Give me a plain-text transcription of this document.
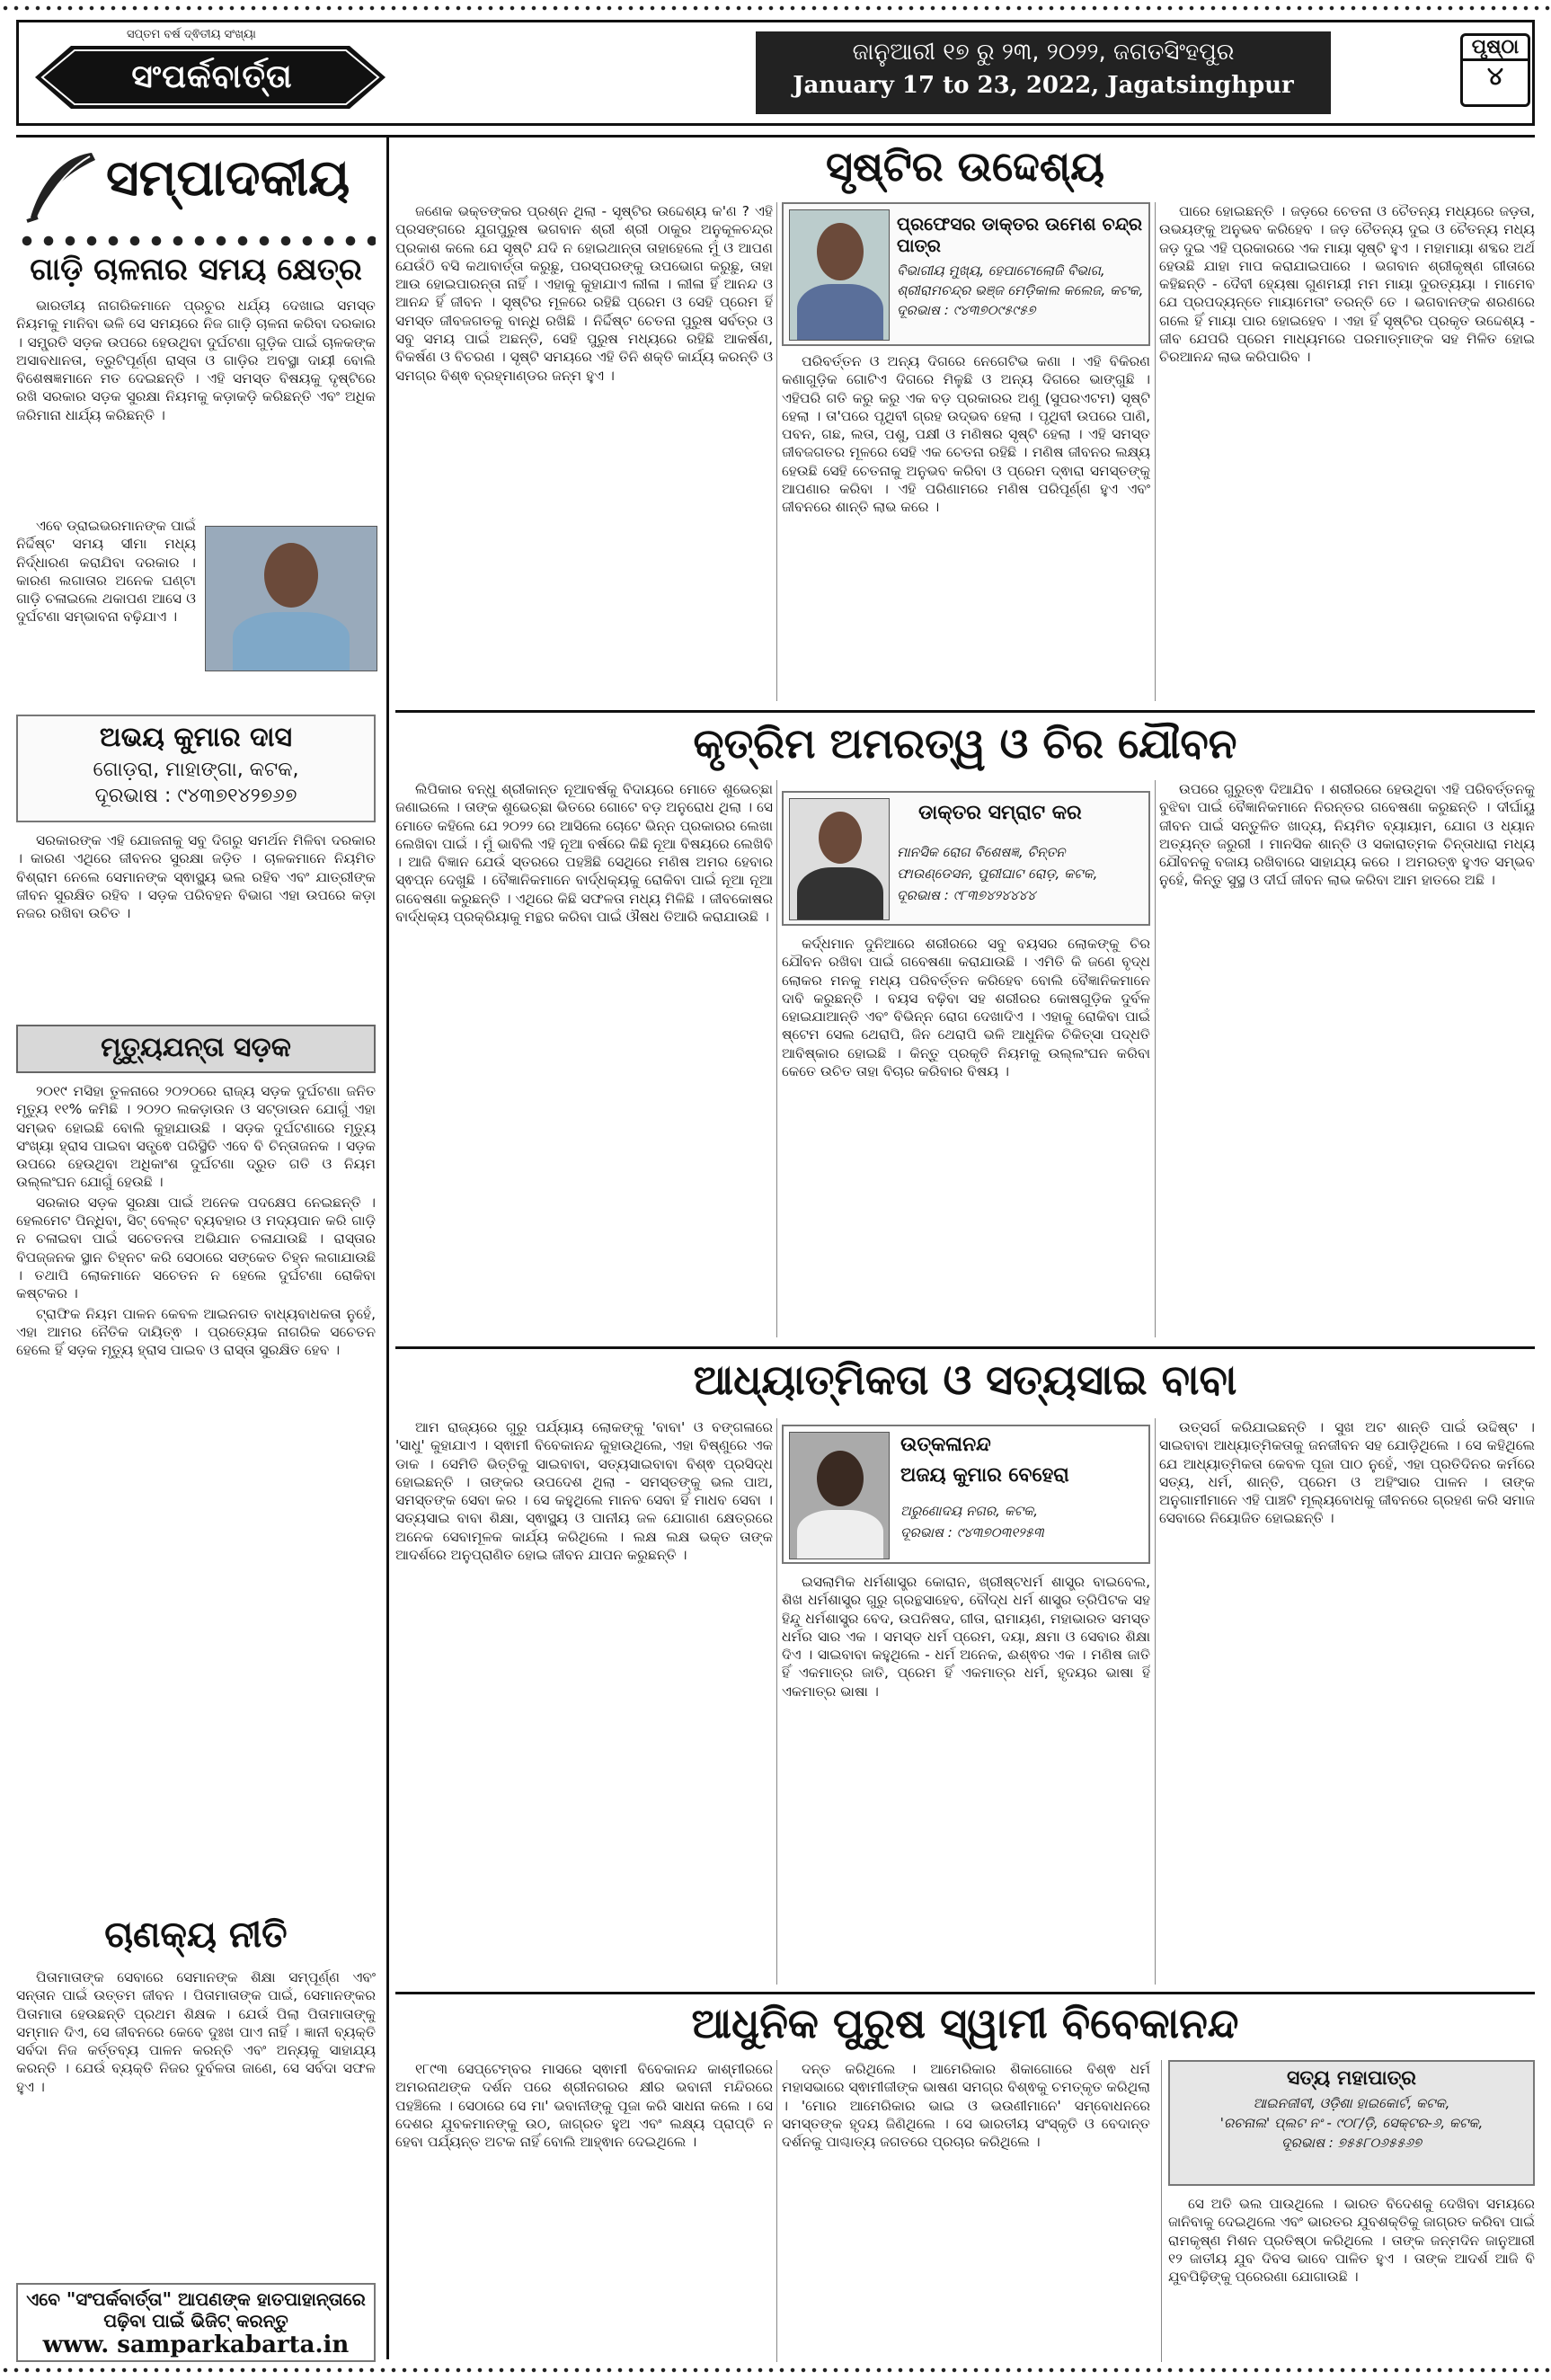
ସପ୍ତମ ବର୍ଷ ଦ୍ଵିତୀୟ ସଂଖ୍ୟା
ସଂପର୍କବାର୍ତ୍ତା
ଜାନୁଆରୀ ୧୭ ରୁ ୨୩, ୨୦୨୨, ଜଗତସିଂହପୁର
January 17 to 23, 2022, Jagatsinghpur
ପୃଷ୍ଠା
୪
ସମ୍ପାଦକୀୟ
ଗାଡ଼ି ଚାଳନାର ସମୟ କ୍ଷେତ୍ର

ଭାରତୀୟ ନାଗରିକମାନେ ପ୍ରଚୁର ଧର୍ଯ୍ୟ ଦେଖାଇ ସମସ୍ତ ନିୟମକୁ ମାନିବା ଭଳି ସେ ସମୟରେ ନିଜ ଗାଡ଼ି ଚାଳନା କରିବା ଦରକାର । ସମ୍ପ୍ରତି ସଡ଼କ ଉପରେ ହେଉଥିବା ଦୁର୍ଘଟଣା ଗୁଡ଼ିକ ପାଇଁ ଚାଳକଙ୍କ ଅସାବଧାନତା, ତ୍ରୁଟିପୂର୍ଣ୍ଣ ରାସ୍ତା ଓ ଗାଡ଼ିର ଅବସ୍ଥା ଦାୟୀ ବୋଲି ବିଶେଷଜ୍ଞମାନେ ମତ ଦେଇଛନ୍ତି । ଏହି ସମସ୍ତ ବିଷୟକୁ ଦୃଷ୍ଟିରେ ରଖି ସରକାର ସଡ଼କ ସୁରକ୍ଷା ନିୟମକୁ କଡ଼ାକଡ଼ି କରିଛନ୍ତି ଏବଂ ଅଧିକ ଜରିମାନା ଧାର୍ଯ୍ୟ କରିଛନ୍ତି ।

ଏବେ ଡ୍ରାଇଭରମାନଙ୍କ ପାଇଁ ନିର୍ଦ୍ଦିଷ୍ଟ ସମୟ ସୀମା ମଧ୍ୟ ନିର୍ଦ୍ଧାରଣ କରାଯିବା ଦରକାର । କାରଣ ଲଗାତାର ଅନେକ ଘଣ୍ଟା ଗାଡ଼ି ଚଳାଇଲେ ଥକାପଣ ଆସେ ଓ ଦୁର୍ଘଟଣା ସମ୍ଭାବନା ବଢ଼ିଯାଏ ।

ଅଭୟ କୁମାର ଦାସ
ଗୋଡ଼ରା, ମାହାଙ୍ଗା, କଟକ,
ଦୂରଭାଷ : ୯୪୩୭୧୪୨୭୬୭

ସରକାରଙ୍କ ଏହି ଯୋଜନାକୁ ସବୁ ଦିଗରୁ ସମର୍ଥନ ମିଳିବା ଦରକାର । କାରଣ ଏଥିରେ ଜୀବନର ସୁରକ୍ଷା ଜଡ଼ିତ । ଚାଳକମାନେ ନିୟମିତ ବିଶ୍ରାମ ନେଲେ ସେମାନଙ୍କ ସ୍ଵାସ୍ଥ୍ୟ ଭଲ ରହିବ ଏବଂ ଯାତ୍ରୀଙ୍କ ଜୀବନ ସୁରକ୍ଷିତ ରହିବ । ସଡ଼କ ପରିବହନ ବିଭାଗ ଏହା ଉପରେ କଡ଼ା ନଜର ରଖିବା ଉଚିତ ।

ମୃତ୍ୟୁଯନ୍ତା ସଡ଼କ

୨୦୧୯ ମସିହା ତୁଳନାରେ ୨୦୨୦ରେ ରାଜ୍ୟ ସଡ଼କ ଦୁର୍ଘଟଣା ଜନିତ ମୃତ୍ୟୁ ୧୧% କମିଛି । ୨୦୨୦ ଲକଡ଼ାଉନ ଓ ସଟ୍‌ଡାଉନ ଯୋଗୁଁ ଏହା ସମ୍ଭବ ହୋଇଛି ବୋଲି କୁହାଯାଉଛି । ସଡ଼କ ଦୁର୍ଘଟଣାରେ ମୃତ୍ୟୁ ସଂଖ୍ୟା ହ୍ରାସ ପାଇବା ସତ୍ତ୍ଵେ ପରିସ୍ଥିତି ଏବେ ବି ଚିନ୍ତାଜନକ । ସଡ଼କ ଉପରେ ହେଉଥିବା ଅଧିକାଂଶ ଦୁର୍ଘଟଣା ଦ୍ରୁତ ଗତି ଓ ନିୟମ ଉଲ୍ଲଂଘନ ଯୋଗୁଁ ହେଉଛି ।

ସରକାର ସଡ଼କ ସୁରକ୍ଷା ପାଇଁ ଅନେକ ପଦକ୍ଷେପ ନେଇଛନ୍ତି । ହେଲମେଟ ପିନ୍ଧିବା, ସିଟ୍ ବେଲ୍ଟ ବ୍ୟବହାର ଓ ମଦ୍ୟପାନ କରି ଗାଡ଼ି ନ ଚଳାଇବା ପାଇଁ ସଚେତନତା ଅଭିଯାନ ଚଳାଯାଉଛି । ରାସ୍ତାର ବିପଜ୍ଜନକ ସ୍ଥାନ ଚିହ୍ନଟ କରି ସେଠାରେ ସଙ୍କେତ ଚିହ୍ନ ଲଗାଯାଉଛି । ତଥାପି ଲୋକମାନେ ସଚେତନ ନ ହେଲେ ଦୁର୍ଘଟଣା ରୋକିବା କଷ୍ଟକର ।

ଟ୍ରାଫିକ ନିୟମ ପାଳନ କେବଳ ଆଇନଗତ ବାଧ୍ୟବାଧକତା ନୁହେଁ, ଏହା ଆମର ନୈତିକ ଦାୟିତ୍ଵ । ପ୍ରତ୍ୟେକ ନାଗରିକ ସଚେତନ ହେଲେ ହିଁ ସଡ଼କ ମୃତ୍ୟୁ ହ୍ରାସ ପାଇବ ଓ ରାସ୍ତା ସୁରକ୍ଷିତ ହେବ ।

ଚାଣକ୍ୟ ନୀତି

ପିତାମାତାଙ୍କ ସେବାରେ ସେମାନଙ୍କ ଶିକ୍ଷା ସମ୍ପୂର୍ଣ୍ଣ ଏବଂ ସନ୍ତାନ ପାଇଁ ଉତ୍ତମ ଜୀବନ । ପିତାମାତାଙ୍କ ପାଇଁ, ସେମାନଙ୍କର ପିତାମାତା ହେଉଛନ୍ତି ପ୍ରଥମ ଶିକ୍ଷକ । ଯେଉଁ ପିଲା ପିତାମାତାଙ୍କୁ ସମ୍ମାନ ଦିଏ, ସେ ଜୀବନରେ କେବେ ଦୁଃଖ ପାଏ ନାହିଁ । ଜ୍ଞାନୀ ବ୍ୟକ୍ତି ସର୍ବଦା ନିଜ କର୍ତ୍ତବ୍ୟ ପାଳନ କରନ୍ତି ଏବଂ ଅନ୍ୟକୁ ସାହାଯ୍ୟ କରନ୍ତି । ଯେଉଁ ବ୍ୟକ୍ତି ନିଜର ଦୁର୍ବଳତା ଜାଣେ, ସେ ସର୍ବଦା ସଫଳ ହୁଏ ।

ଏବେ "ସଂପର୍କବାର୍ତ୍ତା" ଆପଣଙ୍କ ହାତପାହାନ୍ତାରେ
ପଢ଼ିବା ପାଇଁ ଭିଜିଟ୍ କରନ୍ତୁ
www. samparkabarta.in
ସୃଷ୍ଟିର ଉଦ୍ଦେଶ୍ୟ

ଜଣେକ ଭକ୍ତଙ୍କର ପ୍ରଶ୍ନ ଥିଲା - ସୃଷ୍ଟିର ଉଦ୍ଦେଶ୍ୟ କ'ଣ ? ଏହି ପ୍ରସଙ୍ଗରେ ଯୁଗପୁରୁଷ ଭଗବାନ ଶ୍ରୀ ଶ୍ରୀ ଠାକୁର ଅନୁକୂଳଚନ୍ଦ୍ର ପ୍ରକାଶ କଲେ ଯେ ସୃଷ୍ଟି ଯଦି ନ ହୋଇଥାନ୍ତା ତାହାହେଲେ ମୁଁ ଓ ଆପଣ ଯେଉଁଠି ବସି କଥାବାର୍ତ୍ତା କରୁଛୁ, ପରସ୍ପରଙ୍କୁ ଉପଭୋଗ କରୁଛୁ, ତାହା ଆଉ ହୋଇପାରନ୍ତା ନାହିଁ । ଏହାକୁ କୁହାଯାଏ ଲୀଳା । ଲୀଳା ହିଁ ଆନନ୍ଦ ଓ ଆନନ୍ଦ ହିଁ ଜୀବନ । ସୃଷ୍ଟିର ମୂଳରେ ରହିଛି ପ୍ରେମ ଓ ସେହି ପ୍ରେମ ହିଁ ସମସ୍ତ ଜୀବଜଗତକୁ ବାନ୍ଧି ରଖିଛି । ନିର୍ଦ୍ଦିଷ୍ଟ ଚେତନା ପୁରୁଷ ସର୍ବତ୍ର ଓ ସବୁ ସମୟ ପାଇଁ ଅଛନ୍ତି, ସେହି ପୁରୁଷ ମଧ୍ୟରେ ରହିଛି ଆକର୍ଷଣ, ବିକର୍ଷଣ ଓ ବିଚରଣ । ସୃଷ୍ଟି ସମୟରେ ଏହି ତିନି ଶକ୍ତି କାର୍ଯ୍ୟ କରନ୍ତି ଓ ସମଗ୍ର ବିଶ୍ଵ ବ୍ରହ୍ମାଣ୍ଡର ଜନ୍ମ ହୁଏ ।

ପ୍ରଫେସର ଡାକ୍ତର ଉମେଶ ଚନ୍ଦ୍ର ପାତ୍ର
ବିଭାଗୀୟ ମୁଖ୍ୟ, ହେପାଟୋଲୋଜି ବିଭାଗ,
ଶ୍ରୀରାମଚନ୍ଦ୍ର ଭଞ୍ଜ ମେଡ଼ିକାଲ କଲେଜ, କଟକ,
ଦୂରଭାଷ : ୯୪୩୭୦୯୫୯୫୭

ପରିବର୍ତ୍ତନ ଓ ଅନ୍ୟ ଦିଗରେ ନେଗେଟିଭ କଣା । ଏହି ବିକିରଣ କଣାଗୁଡ଼ିକ ଗୋଟିଏ ଦିଗରେ ମିଳୁଛି ଓ ଅନ୍ୟ ଦିଗରେ ଭାଙ୍ଗୁଛି । ଏହିପରି ଗତି କରୁ କରୁ ଏକ ବଡ଼ ପ୍ରକାରର ଅଣୁ (ସୁପରଏଟମ) ସୃଷ୍ଟି ହେଲା । ତା'ପରେ ପୃଥିବୀ ଗ୍ରହ ଉଦ୍ଭବ ହେଲା । ପୃଥିବୀ ଉପରେ ପାଣି, ପବନ, ଗଛ, ଲତା, ପଶୁ, ପକ୍ଷୀ ଓ ମଣିଷର ସୃଷ୍ଟି ହେଲା । ଏହି ସମସ୍ତ ଜୀବଜଗତର ମୂଳରେ ସେହି ଏକ ଚେତନା ରହିଛି । ମଣିଷ ଜୀବନର ଲକ୍ଷ୍ୟ ହେଉଛି ସେହି ଚେତନାକୁ ଅନୁଭବ କରିବା ଓ ପ୍ରେମ ଦ୍ଵାରା ସମସ୍ତଙ୍କୁ ଆପଣାର କରିବା । ଏହି ପରିଣାମରେ ମଣିଷ ପରିପୂର୍ଣ୍ଣ ହୁଏ ଏବଂ ଜୀବନରେ ଶାନ୍ତି ଲାଭ କରେ ।

ପାରେ ହୋଇଛନ୍ତି । ଜଡ଼ରେ ଚେତନା ଓ ଚୈତନ୍ୟ ମଧ୍ୟରେ ଜଡ଼ତା, ଉଭୟଙ୍କୁ ଅନୁଭବ କରିହେବ । ଜଡ଼ ଚୈତନ୍ୟ ଦୁଇ ଓ ଚୈତନ୍ୟ ମଧ୍ୟ ଜଡ଼ ଦୁଇ ଏହି ପ୍ରକାରରେ ଏକ ମାୟା ସୃଷ୍ଟି ହୁଏ । ମହାମାୟା ଶବ୍ଦର ଅର୍ଥ ହେଉଛି ଯାହା ମାପ କରାଯାଇପାରେ । ଭଗବାନ ଶ୍ରୀକୃଷ୍ଣ ଗୀତାରେ କହିଛନ୍ତି - ଦୈବୀ ହ୍ୟେଷା ଗୁଣମୟୀ ମମ ମାୟା ଦୁରତ୍ୟୟା । ମାମେବ ଯେ ପ୍ରପଦ୍ୟନ୍ତେ ମାୟାମେତାଂ ତରନ୍ତି ତେ । ଭଗବାନଙ୍କ ଶରଣରେ ଗଲେ ହିଁ ମାୟା ପାର ହୋଇହେବ । ଏହା ହିଁ ସୃଷ୍ଟିର ପ୍ରକୃତ ଉଦ୍ଦେଶ୍ୟ - ଜୀବ ଯେପରି ପ୍ରେମ ମାଧ୍ୟମରେ ପରମାତ୍ମାଙ୍କ ସହ ମିଳିତ ହୋଇ ଚିରଆନନ୍ଦ ଲାଭ କରିପାରିବ ।

କୃତ୍ରିମ ଅମରତ୍ୱ ଓ ଚିର ଯୌବନ

ଲିପିକାର ବନ୍ଧୁ ଶ୍ରୀକାନ୍ତ ନୂଆବର୍ଷକୁ ବିଦାୟରେ ମୋତେ ଶୁଭେଚ୍ଛା ଜଣାଇଲେ । ତାଙ୍କ ଶୁଭେଚ୍ଛା ଭିତରେ ଗୋଟେ ବଡ଼ ଅନୁରୋଧ ଥିଲା । ସେ ମୋତେ କହିଲେ ଯେ ୨୦୨୨ ରେ ଆସିଲେ ଚୋଟେ ଭିନ୍ନ ପ୍ରକାରର ଲେଖା ଲେଖିବା ପାଇଁ । ମୁଁ ଭାବିଲି ଏହି ନୂଆ ବର୍ଷରେ କିଛି ନୂଆ ବିଷୟରେ ଲେଖିବି । ଆଜି ବିଜ୍ଞାନ ଯେଉଁ ସ୍ତରରେ ପହଞ୍ଚିଛି ସେଥିରେ ମଣିଷ ଅମର ହେବାର ସ୍ଵପ୍ନ ଦେଖୁଛି । ବୈଜ୍ଞାନିକମାନେ ବାର୍ଦ୍ଧକ୍ୟକୁ ରୋକିବା ପାଇଁ ନୂଆ ନୂଆ ଗବେଷଣା କରୁଛନ୍ତି । ଏଥିରେ କିଛି ସଫଳତା ମଧ୍ୟ ମିଳିଛି । ଜୀବକୋଷର ବାର୍ଦ୍ଧକ୍ୟ ପ୍ରକ୍ରିୟାକୁ ମନ୍ଥର କରିବା ପାଇଁ ଔଷଧ ତିଆରି କରାଯାଉଛି ।

ଡାକ୍ତର ସମ୍ରାଟ କର
ମାନସିକ ରୋଗ ବିଶେଷଜ୍ଞ, ଚିନ୍ତନ
ଫାଉଣ୍ଡେସନ, ପୁରୀଘାଟ ରୋଡ଼, କଟକ,
ଦୂରଭାଷ : ୯୮୩୭୪୨୪୪୪୪

କର୍ଦ୍ଧମାନ ଦୁନିଆରେ ଶରୀରରେ ସବୁ ବୟସର ଲୋକଙ୍କୁ ଚିର ଯୌବନ ରଖିବା ପାଇଁ ଗବେଷଣା କରାଯାଉଛି । ଏମିତି କି ଜଣେ ବୃଦ୍ଧ ଲୋକର ମନକୁ ମଧ୍ୟ ପରିବର୍ତ୍ତନ କରିହେବ ବୋଲି ବୈଜ୍ଞାନିକମାନେ ଦାବି କରୁଛନ୍ତି । ବୟସ ବଢ଼ିବା ସହ ଶରୀରର କୋଷଗୁଡ଼ିକ ଦୁର୍ବଳ ହୋଇଯାଆନ୍ତି ଏବଂ ବିଭିନ୍ନ ରୋଗ ଦେଖାଦିଏ । ଏହାକୁ ରୋକିବା ପାଇଁ ଷ୍ଟେମ ସେଲ ଥେରାପି, ଜିନ ଥେରାପି ଭଳି ଆଧୁନିକ ଚିକିତ୍ସା ପଦ୍ଧତି ଆବିଷ୍କାର ହୋଇଛି । କିନ୍ତୁ ପ୍ରକୃତି ନିୟମକୁ ଉଲ୍ଲଂଘନ କରିବା କେତେ ଉଚିତ ତାହା ବିଚାର କରିବାର ବିଷୟ ।

ଉପରେ ଗୁରୁତ୍ଵ ଦିଆଯିବ । ଶରୀରରେ ହେଉଥିବା ଏହି ପରିବର୍ତ୍ତନକୁ ବୁଝିବା ପାଇଁ ବୈଜ୍ଞାନିକମାନେ ନିରନ୍ତର ଗବେଷଣା କରୁଛନ୍ତି । ଦୀର୍ଘାୟୁ ଜୀବନ ପାଇଁ ସନ୍ତୁଳିତ ଖାଦ୍ୟ, ନିୟମିତ ବ୍ୟାୟାମ, ଯୋଗ ଓ ଧ୍ୟାନ ଅତ୍ୟନ୍ତ ଜରୁରୀ । ମାନସିକ ଶାନ୍ତି ଓ ସକାରାତ୍ମକ ଚିନ୍ତାଧାରା ମଧ୍ୟ ଯୌବନକୁ ବଜାୟ ରଖିବାରେ ସାହାଯ୍ୟ କରେ । ଅମରତ୍ଵ ହୁଏତ ସମ୍ଭବ ନୁହେଁ, କିନ୍ତୁ ସୁସ୍ଥ ଓ ଦୀର୍ଘ ଜୀବନ ଲାଭ କରିବା ଆମ ହାତରେ ଅଛି ।

ଆଧ୍ୟାତ୍ମିକତା ଓ ସତ୍ୟସାଇ ବାବା

ଆମ ରାଜ୍ୟରେ ଗୁରୁ ପର୍ଯ୍ୟାୟ ଲୋକଙ୍କୁ 'ବାବା' ଓ ବଙ୍ଗଳାରେ 'ସାଧୁ' କୁହାଯାଏ । ସ୍ଵାମୀ ବିବେକାନନ୍ଦ କୁହାଉଥିଲେ, ଏହା ବିଷ୍ଣୁରେ ଏକ ଡାକ । ସେମିତି ଭିତ୍ତିକୁ ସାଇବାବା, ସତ୍ୟସାଇବାବା ବିଶ୍ଵ ପ୍ରସିଦ୍ଧ ହୋଇଛନ୍ତି । ତାଙ୍କର ଉପଦେଶ ଥିଲା - ସମସ୍ତଙ୍କୁ ଭଲ ପାଅ, ସମସ୍ତଙ୍କ ସେବା କର । ସେ କହୁଥିଲେ ମାନବ ସେବା ହିଁ ମାଧବ ସେବା । ସତ୍ୟସାଇ ବାବା ଶିକ୍ଷା, ସ୍ଵାସ୍ଥ୍ୟ ଓ ପାନୀୟ ଜଳ ଯୋଗାଣ କ୍ଷେତ୍ରରେ ଅନେକ ସେବାମୂଳକ କାର୍ଯ୍ୟ କରିଥିଲେ । ଲକ୍ଷ ଲକ୍ଷ ଭକ୍ତ ତାଙ୍କ ଆଦର୍ଶରେ ଅନୁପ୍ରାଣିତ ହୋଇ ଜୀବନ ଯାପନ କରୁଛନ୍ତି ।

ଉତ୍କଳାନନ୍ଦ
ଅଜୟ କୁମାର ବେହେରା
ଅରୁଣୋଦୟ ନଗର, କଟକ,
ଦୂରଭାଷ : ୯୪୩୭୦୩୧୨୫୩

ଇସଲାମିକ ଧର୍ମଶାସ୍ତ୍ର କୋରାନ, ଖ୍ରୀଷ୍ଟଧର୍ମ ଶାସ୍ତ୍ର ବାଇବେଲ, ଶିଖ ଧର୍ମଶାସ୍ତ୍ର ଗୁରୁ ଗ୍ରନ୍ଥସାହେବ, ବୌଦ୍ଧ ଧର୍ମ ଶାସ୍ତ୍ର ତ୍ରିପିଟକ ସହ ହିନ୍ଦୁ ଧର୍ମଶାସ୍ତ୍ର ବେଦ, ଉପନିଷଦ, ଗୀତା, ରାମାୟଣ, ମହାଭାରତ ସମସ୍ତ ଧର୍ମର ସାର ଏକ । ସମସ୍ତ ଧର୍ମ ପ୍ରେମ, ଦୟା, କ୍ଷମା ଓ ସେବାର ଶିକ୍ଷା ଦିଏ । ସାଇବାବା କହୁଥିଲେ - ଧର୍ମ ଅନେକ, ଈଶ୍ଵର ଏକ । ମଣିଷ ଜାତି ହିଁ ଏକମାତ୍ର ଜାତି, ପ୍ରେମ ହିଁ ଏକମାତ୍ର ଧର୍ମ, ହୃଦୟର ଭାଷା ହିଁ ଏକମାତ୍ର ଭାଷା ।

ଉତ୍ସର୍ଗ କରିଯାଇଛନ୍ତି । ସୁଖ ଅଟ ଶାନ୍ତି ପାଇଁ ଉଦ୍ଦିଷ୍ଟ । ସାଇବାବା ଆଧ୍ୟାତ୍ମିକତାକୁ ଜନଜୀବନ ସହ ଯୋଡ଼ିଥିଲେ । ସେ କହିଥିଲେ ଯେ ଆଧ୍ୟାତ୍ମିକତା କେବଳ ପୂଜା ପାଠ ନୁହେଁ, ଏହା ପ୍ରତିଦିନର କର୍ମରେ ସତ୍ୟ, ଧର୍ମ, ଶାନ୍ତି, ପ୍ରେମ ଓ ଅହିଂସାର ପାଳନ । ତାଙ୍କ ଅନୁଗାମୀମାନେ ଏହି ପାଞ୍ଚଟି ମୂଲ୍ୟବୋଧକୁ ଜୀବନରେ ଗ୍ରହଣ କରି ସମାଜ ସେବାରେ ନିୟୋଜିତ ହୋଇଛନ୍ତି ।

ଆଧୁନିକ ପୁରୁଷ ସ୍ୱାମୀ ବିବେକାନନ୍ଦ

୧୮୯୩ ସେପ୍ଟେମ୍ବର ମାସରେ ସ୍ଵାମୀ ବିବେକାନନ୍ଦ କାଶ୍ମୀରରେ ଅମରନାଥଙ୍କ ଦର୍ଶନ ପରେ ଶ୍ରୀନଗରର କ୍ଷୀର ଭବାନୀ ମନ୍ଦିରରେ ପହଞ୍ଚିଲେ । ସେଠାରେ ସେ ମା' ଭବାନୀଙ୍କୁ ପୂଜା କରି ସାଧନା କଲେ । ସେ ଦେଶର ଯୁବକମାନଙ୍କୁ ଉଠ, ଜାଗ୍ରତ ହୁଅ ଏବଂ ଲକ୍ଷ୍ୟ ପ୍ରାପ୍ତି ନ ହେବା ପର୍ଯ୍ୟନ୍ତ ଅଟକ ନାହିଁ ବୋଲି ଆହ୍ଵାନ ଦେଇଥିଲେ ।

ଦନ୍ତ କରିଥିଲେ । ଆମେରିକାର ଶିକାଗୋରେ ବିଶ୍ଵ ଧର୍ମ ମହାସଭାରେ ସ୍ଵାମୀଜୀଙ୍କ ଭାଷଣ ସମଗ୍ର ବିଶ୍ଵକୁ ଚମତ୍କୃତ କରିଥିଲା । 'ମୋର ଆମେରିକାର ଭାଇ ଓ ଭଉଣୀମାନେ' ସମ୍ବୋଧନରେ ସମସ୍ତଙ୍କ ହୃଦୟ ଜିଣିଥିଲେ । ସେ ଭାରତୀୟ ସଂସ୍କୃତି ଓ ବେଦାନ୍ତ ଦର୍ଶନକୁ ପାଶ୍ଚାତ୍ୟ ଜଗତରେ ପ୍ରଚାର କରିଥିଲେ ।

ସତ୍ୟ ମହାପାତ୍ର
ଆଇନଜୀବୀ, ଓଡ଼ିଶା ହାଇକୋର୍ଟ, କଟକ,
'ରଚନାଲ' ପ୍ଲଟ ନଂ - ୯୦୮/ଡ଼ି, ସେକ୍ଟର-୬, କଟକ,
ଦୂରଭାଷ : ୭୫୫୮୦୬୫୫୬୭

ସେ ଅତି ଭଲ ପାଉଥିଲେ । ଭାରତ ବିଦେଶକୁ ଦେଖିବା ସମୟରେ ଜାନିବାକୁ ଦେଇଥିଲେ ଏବଂ ଭାରତର ଯୁବଶକ୍ତିକୁ ଜାଗ୍ରତ କରିବା ପାଇଁ ରାମକୃଷ୍ଣ ମିଶନ ପ୍ରତିଷ୍ଠା କରିଥିଲେ । ତାଙ୍କ ଜନ୍ମଦିନ ଜାନୁଆରୀ ୧୨ ଜାତୀୟ ଯୁବ ଦିବସ ଭାବେ ପାଳିତ ହୁଏ । ତାଙ୍କ ଆଦର୍ଶ ଆଜି ବି ଯୁବପିଢ଼ିଙ୍କୁ ପ୍ରେରଣା ଯୋଗାଉଛି ।
